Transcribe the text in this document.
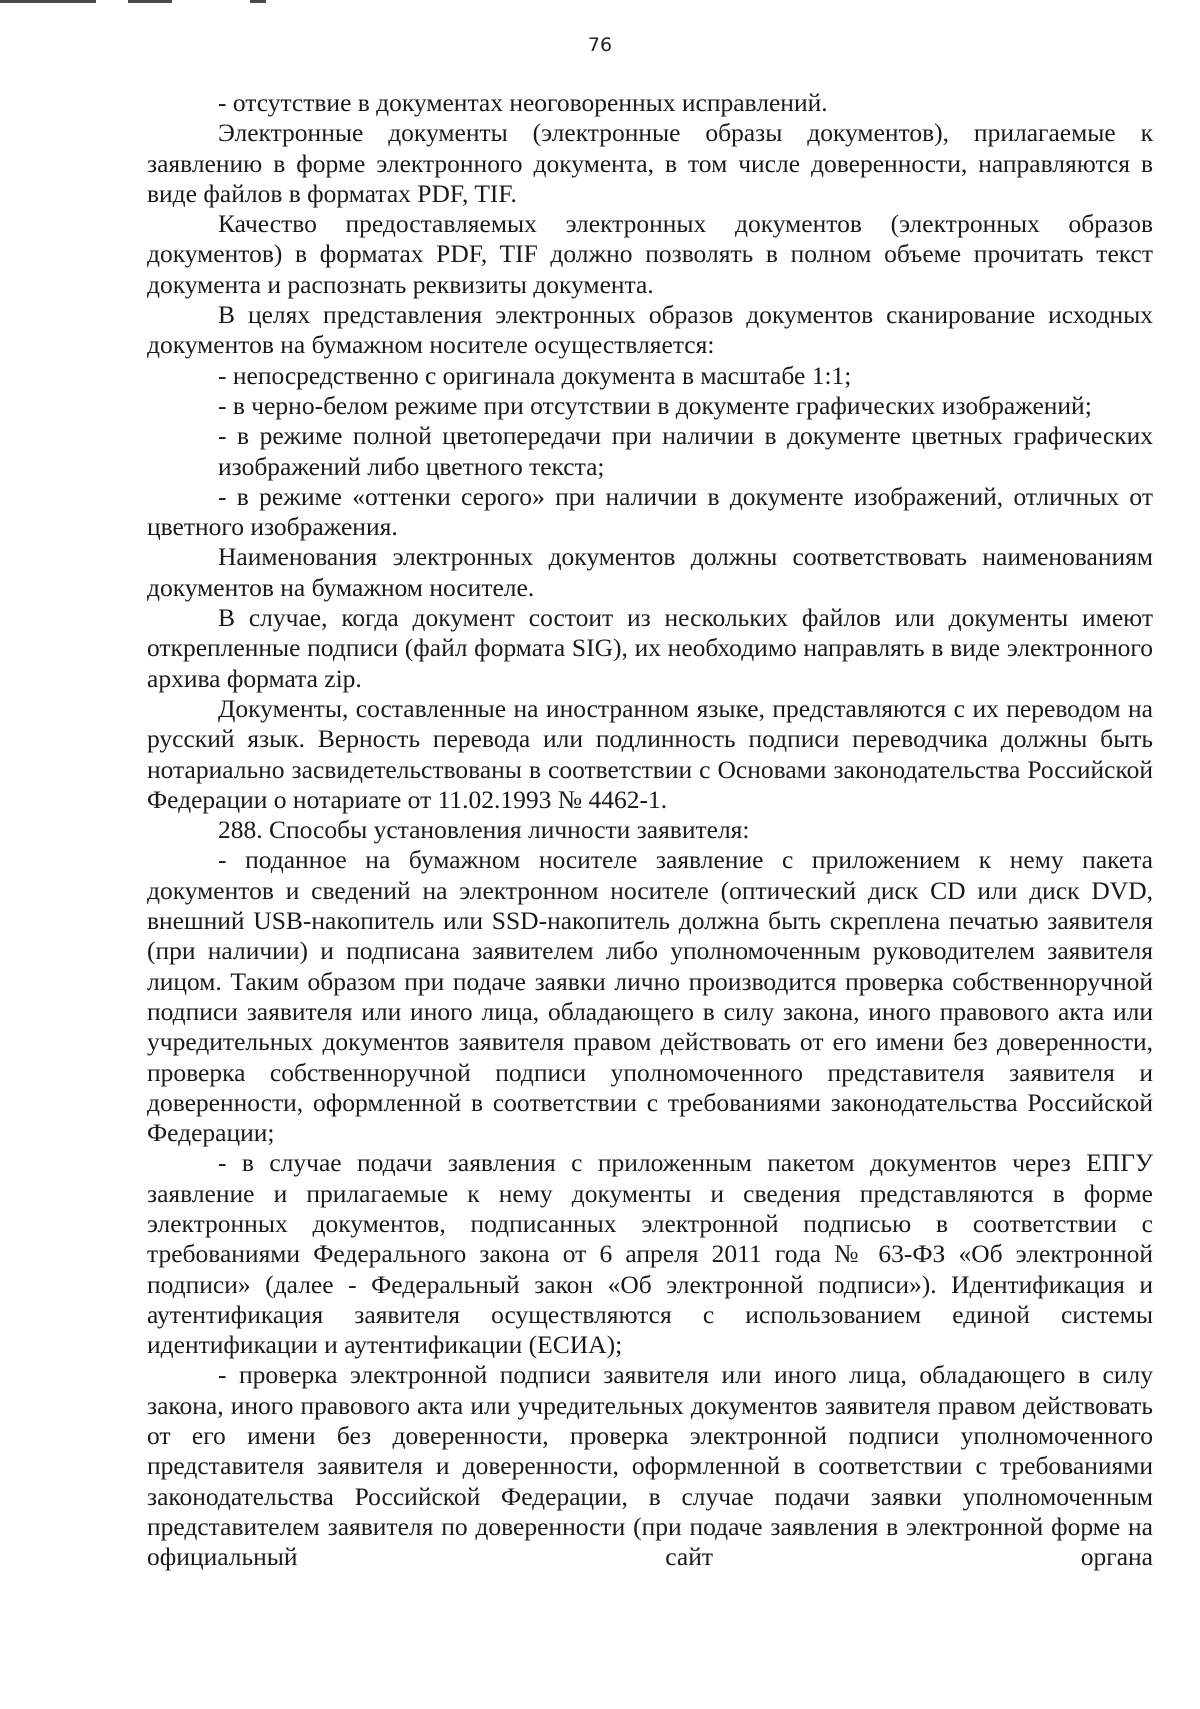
76

- отсутствие в документах неоговоренных исправлений.

Электронные документы (электронные образы документов), прилагаемые к заявлению в форме электронного документа, в том числе доверенности, направляются в виде файлов в форматах PDF, TIF.

Качество предоставляемых электронных документов (электронных образов документов) в форматах PDF, TIF должно позволять в полном объеме прочитать текст документа и распознать реквизиты документа.

В целях представления электронных образов документов сканирование исходных документов на бумажном носителе осуществляется:

- непосредственно с оригинала документа в масштабе 1:1;

- в черно-белом режиме при отсутствии в документе графических изображений;

- в режиме полной цветопередачи при наличии в документе цветных графических изображений либо цветного текста;

- в режиме «оттенки серого» при наличии в документе изображений, отличных от цветного изображения.

Наименования электронных документов должны соответствовать наименованиям документов на бумажном носителе.

В случае, когда документ состоит из нескольких файлов или документы имеют открепленные подписи (файл формата SIG), их необходимо направлять в виде электронного архива формата zip.

Документы, составленные на иностранном языке, представляются с их переводом на русский язык. Верность перевода или подлинность подписи переводчика должны быть нотариально засвидетельствованы в соответствии с Основами законодательства Российской Федерации о нотариате от 11.02.1993 № 4462-1.

288. Способы установления личности заявителя:

- поданное на бумажном носителе заявление с приложением к нему пакета документов и сведений на электронном носителе (оптический диск CD или диск DVD, внешний USB-накопитель или SSD-накопитель должна быть скреплена печатью заявителя (при наличии) и подписана заявителем либо уполномоченным руководителем заявителя лицом. Таким образом при подаче заявки лично производится проверка собственноручной подписи заявителя или иного лица, обладающего в силу закона, иного правового акта или учредительных документов заявителя правом действовать от его имени без доверенности, проверка собственноручной подписи уполномоченного представителя заявителя и доверенности, оформленной в соответствии с требованиями законодательства Российской Федерации;

- в случае подачи заявления с приложенным пакетом документов через ЕПГУ заявление и прилагаемые к нему документы и сведения представляются в форме электронных документов, подписанных электронной подписью в соответствии с требованиями Федерального закона от 6 апреля 2011 года № 63-ФЗ «Об электронной подписи» (далее - Федеральный закон «Об электронной подписи»). Идентификация и аутентификация заявителя осуществляются с использованием единой системы идентификации и аутентификации (ЕСИА);

- проверка электронной подписи заявителя или иного лица, обладающего в силу закона, иного правового акта или учредительных документов заявителя правом действовать от его имени без доверенности, проверка электронной подписи уполномоченного представителя заявителя и доверенности, оформленной в соответствии с требованиями законодательства Российской Федерации, в случае подачи заявки уполномоченным представителем заявителя по доверенности (при подаче заявления в электронной форме на официальный сайт органа
